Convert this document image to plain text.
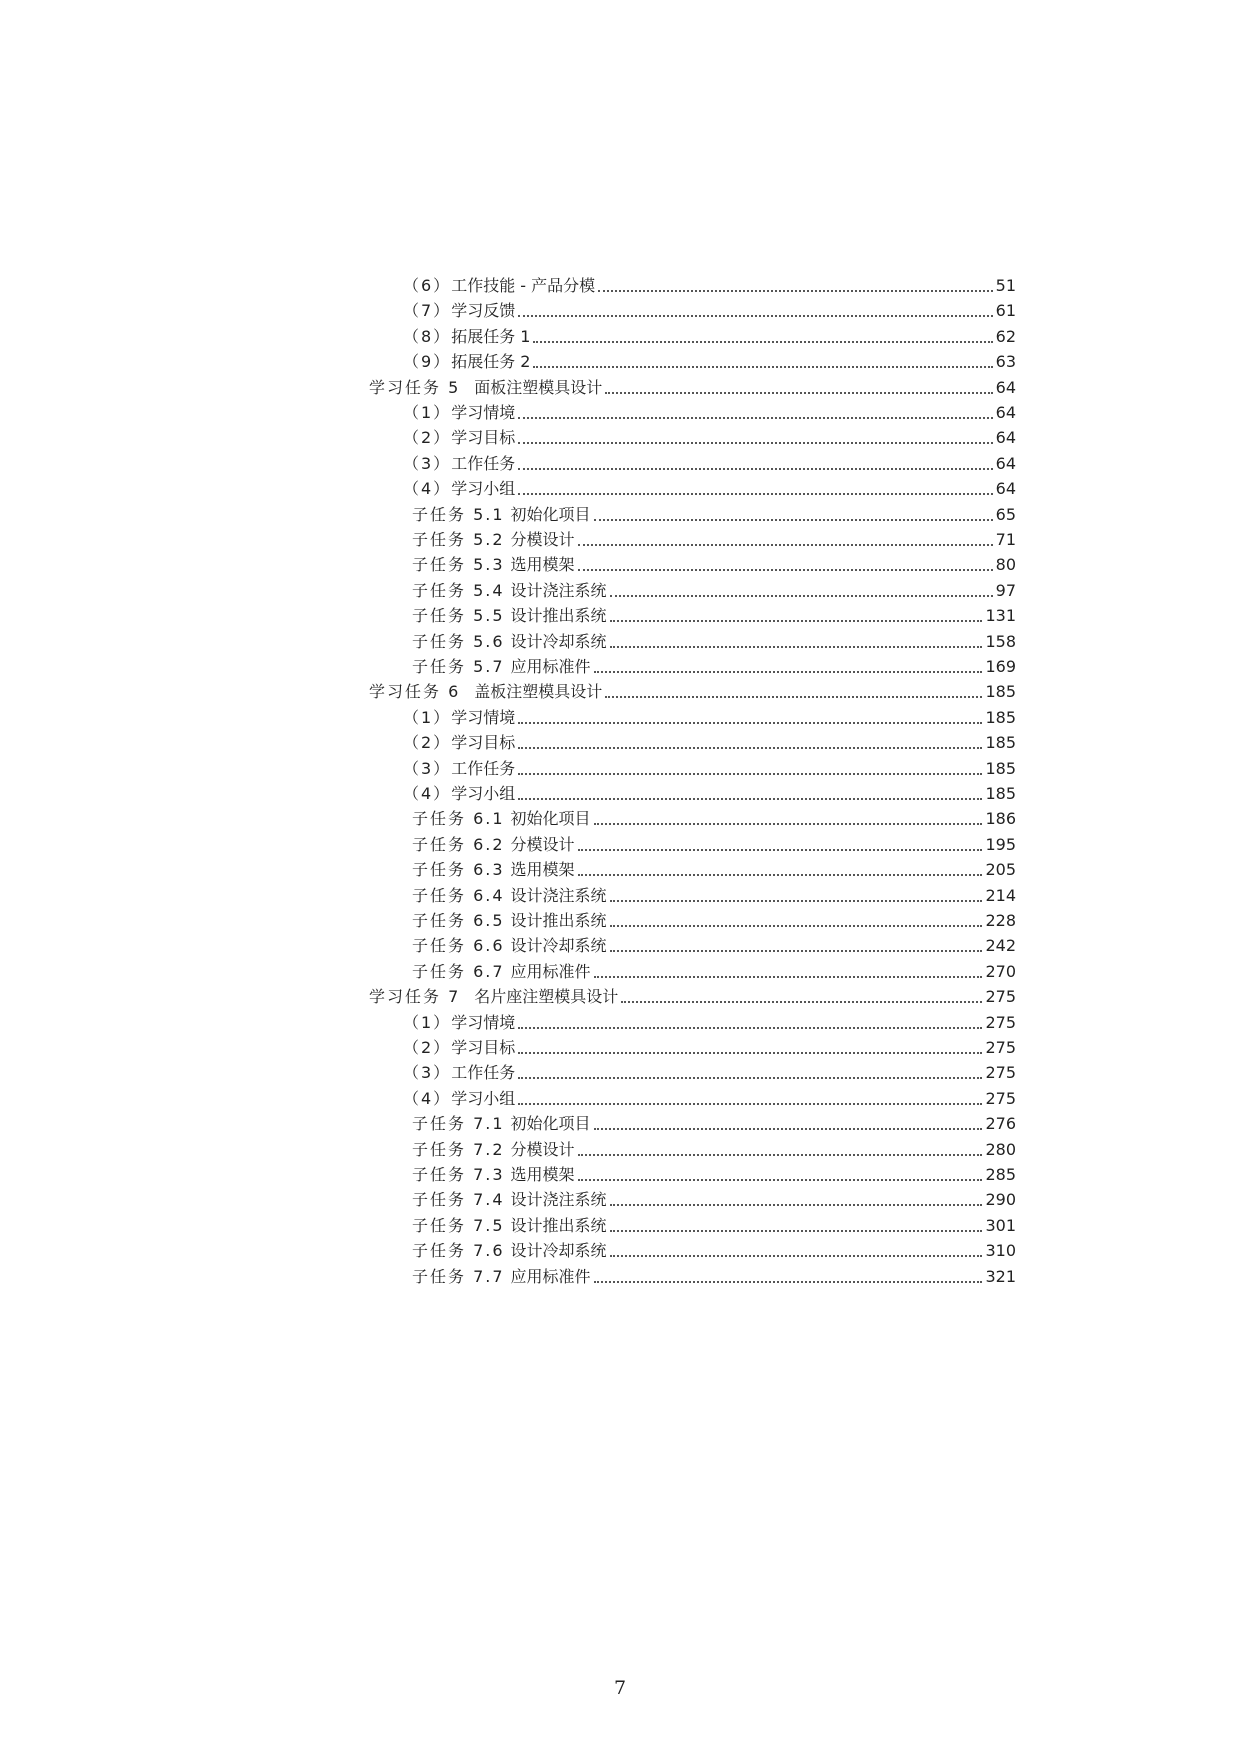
（6） 工作技能 - 产品分模	51
（7） 学习反馈	61
（8） 拓展任务 1	62
（9） 拓展任务 2	63
学习任务 5 面板注塑模具设计	64
（1） 学习情境	64
（2） 学习目标	64
（3） 工作任务	64
（4） 学习小组	64
子任务 5.1 初始化项目	65
子任务 5.2 分模设计	71
子任务 5.3 选用模架	80
子任务 5.4 设计浇注系统	97
子任务 5.5 设计推出系统	131
子任务 5.6 设计冷却系统	158
子任务 5.7 应用标准件	169
学习任务 6 盖板注塑模具设计	185
（1） 学习情境	185
（2） 学习目标	185
（3） 工作任务	185
（4） 学习小组	185
子任务 6.1 初始化项目	186
子任务 6.2 分模设计	195
子任务 6.3 选用模架	205
子任务 6.4 设计浇注系统	214
子任务 6.5 设计推出系统	228
子任务 6.6 设计冷却系统	242
子任务 6.7 应用标准件	270
学习任务 7 名片座注塑模具设计	275
（1） 学习情境	275
（2） 学习目标	275
（3） 工作任务	275
（4） 学习小组	275
子任务 7.1 初始化项目	276
子任务 7.2 分模设计	280
子任务 7.3 选用模架	285
子任务 7.4 设计浇注系统	290
子任务 7.5 设计推出系统	301
子任务 7.6 设计冷却系统	310
子任务 7.7 应用标准件	321
7
